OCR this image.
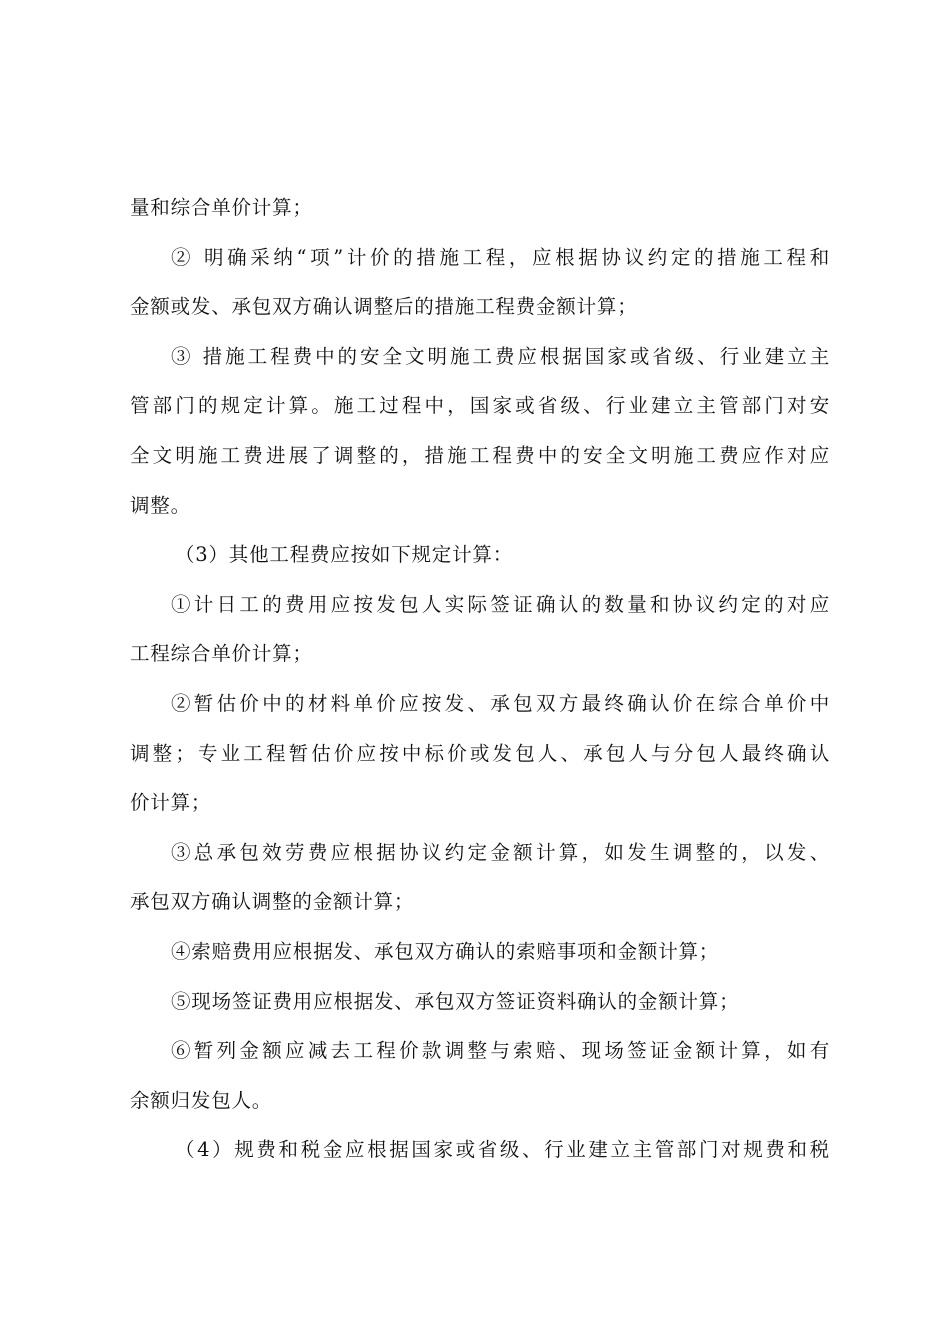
量和综合单价计算；
② 明确采纳“项”计价的措施工程，应根据协议约定的措施工程和
金额或发、承包双方确认调整后的措施工程费金额计算；
③ 措施工程费中的安全文明施工费应根据国家或省级、行业建立主
管部门的规定计算。施工过程中，国家或省级、行业建立主管部门对安
全文明施工费进展了调整的，措施工程费中的安全文明施工费应作对应
调整。
（3）其他工程费应按如下规定计算：
①计日工的费用应按发包人实际签证确认的数量和协议约定的对应
工程综合单价计算；
②暂估价中的材料单价应按发、承包双方最终确认价在综合单价中
调整；专业工程暂估价应按中标价或发包人、承包人与分包人最终确认
价计算；
③总承包效劳费应根据协议约定金额计算，如发生调整的，以发、
承包双方确认调整的金额计算；
④索赔费用应根据发、承包双方确认的索赔事项和金额计算；
⑤现场签证费用应根据发、承包双方签证资料确认的金额计算；
⑥暂列金额应减去工程价款调整与索赔、现场签证金额计算，如有
余额归发包人。
（4）规费和税金应根据国家或省级、行业建立主管部门对规费和税
